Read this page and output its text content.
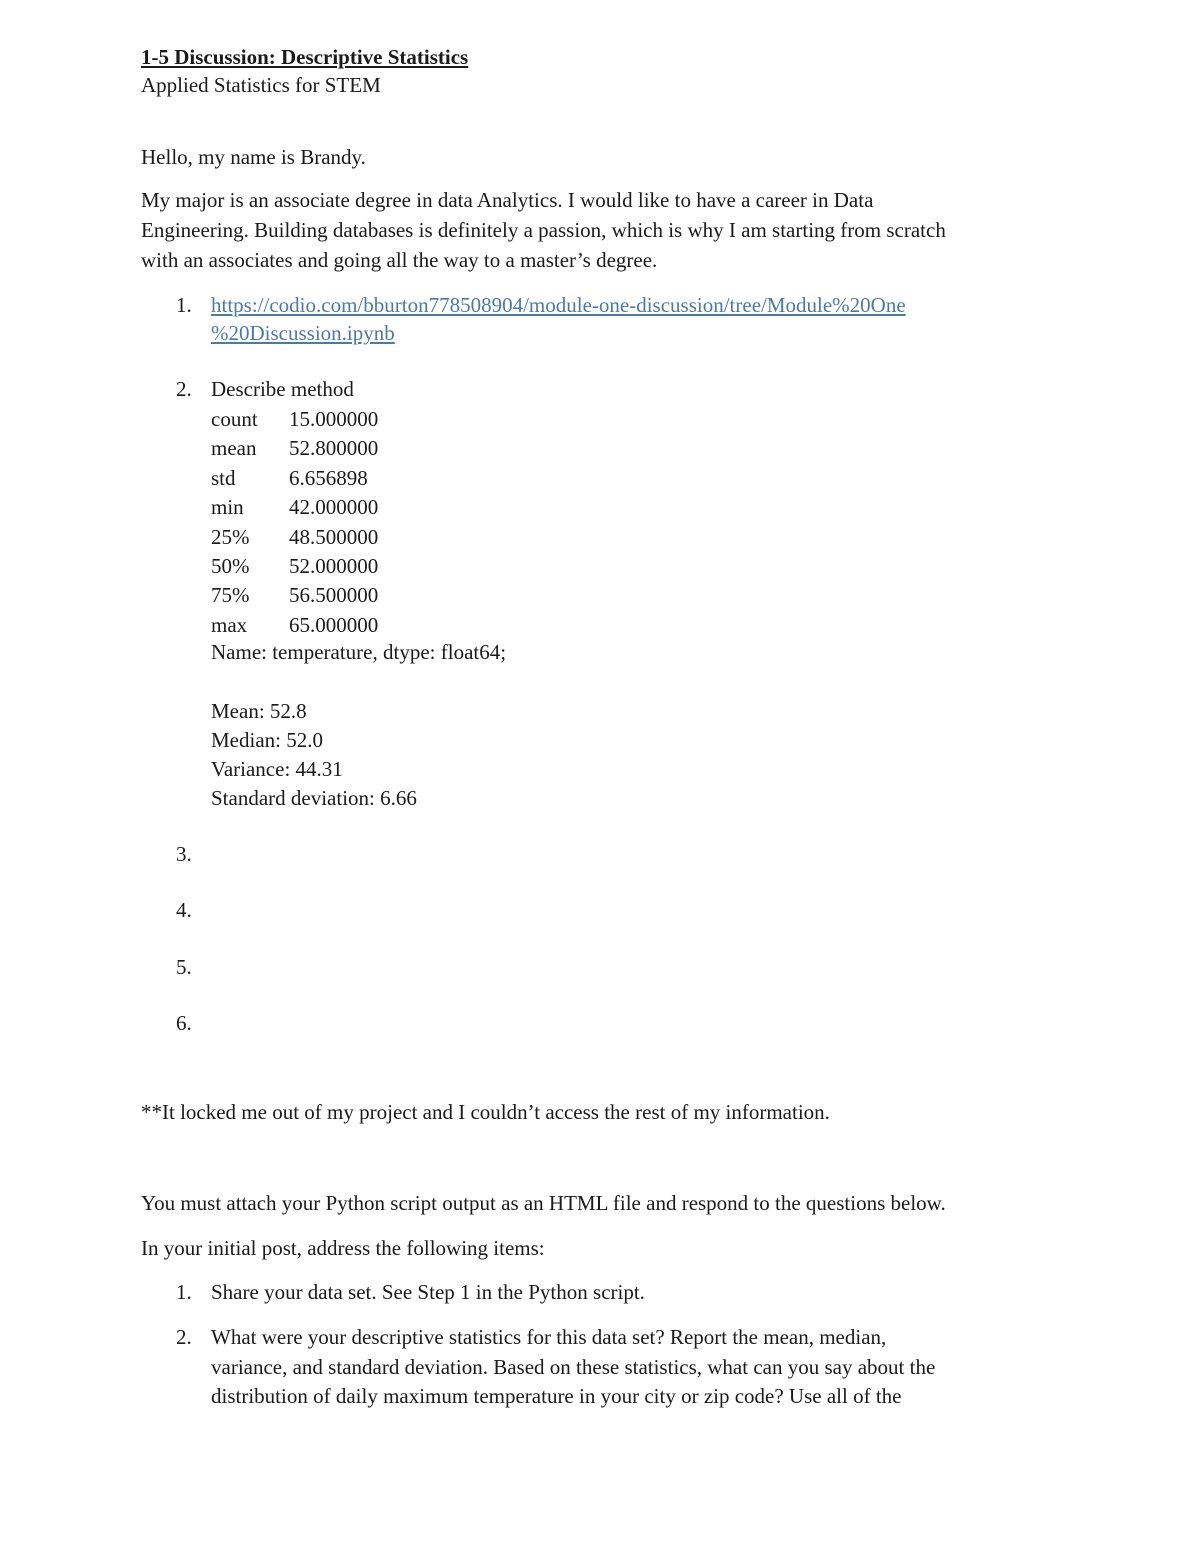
1-5 Discussion: Descriptive Statistics
Applied Statistics for STEM
Hello, my name is Brandy.
My major is an associate degree in data Analytics. I would like to have a career in Data
Engineering. Building databases is definitely a passion, which is why I am starting from scratch
with an associates and going all the way to a master’s degree.
1. https://codio.com/bburton778508904/module-one-discussion/tree/Module%20One
%20Discussion.ipynb
2. Describe method
count 15.000000
mean 52.800000
std	6.656898
min 42.000000
25% 48.500000
50% 52.000000
75% 56.500000
max 65.000000
Name: temperature, dtype: float64;
Mean: 52.8
Median: 52.0
Variance: 44.31
Standard deviation: 6.66
3.
4.
5.
6.
**It locked me out of my project and I couldn’t access the rest of my information.
You must attach your Python script output as an HTML file and respond to the questions below.
In your initial post, address the following items:
1. Share your data set. See Step 1 in the Python script.
2. What were your descriptive statistics for this data set? Report the mean, median,
variance, and standard deviation. Based on these statistics, what can you say about the
distribution of daily maximum temperature in your city or zip code? Use all of the
